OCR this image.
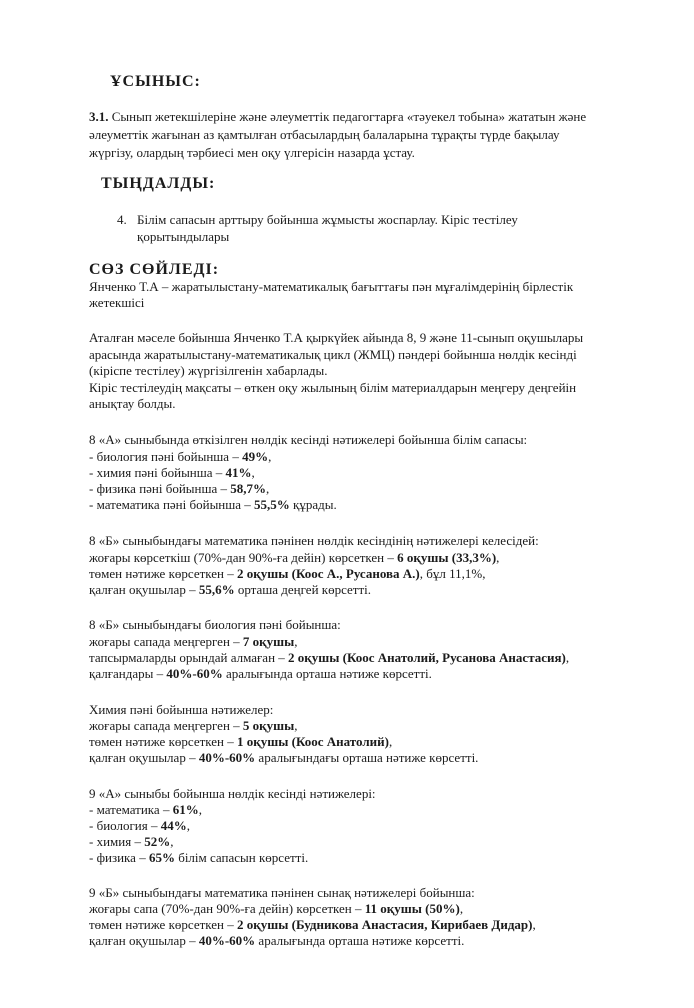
ҰСЫНЫС:
3.1. Сынып жетекшілеріне және әлеуметтік педагогтарға «тәуекел тобына» жататын және
әлеуметтік жағынан аз қамтылған отбасылардың балаларына тұрақты түрде бақылау
жүргізу, олардың тәрбиесі мен оқу үлгерісін назарда ұстау.
ТЫҢДАЛДЫ:
4. Білім сапасын арттыру бойынша жұмысты жоспарлау. Кіріс тестілеу
қорытындылары
СӨЗ СӨЙЛЕДІ:
Янченко Т.А – жаратылыстану-математикалық бағыттағы пән мұғалімдерінің бірлестік
жетекшісі
Аталған мәселе бойынша Янченко Т.А қыркүйек айында 8, 9 және 11-сынып оқушылары
арасында жаратылыстану-математикалық цикл (ЖМЦ) пәндері бойынша нөлдік кесінді
(кіріспе тестілеу) жүргізілгенін хабарлады.
Кіріс тестілеудің мақсаты – өткен оқу жылының білім материалдарын меңгеру деңгейін
анықтау болды.
8 «А» сыныбында өткізілген нөлдік кесінді нәтижелері бойынша білім сапасы:
- биология пәні бойынша – 49%,
- химия пәні бойынша – 41%,
- физика пәні бойынша – 58,7%,
- математика пәні бойынша – 55,5% құрады.
8 «Б» сыныбындағы математика пәнінен нөлдік кесіндінің нәтижелері келесідей:
жоғары көрсеткіш (70%-дан 90%-ға дейін) көрсеткен – 6 оқушы (33,3%),
төмен нәтиже көрсеткен – 2 оқушы (Коос А., Русанова А.), бұл 11,1%,
қалған оқушылар – 55,6% орташа деңгей көрсетті.
8 «Б» сыныбындағы биология пәні бойынша:
жоғары сапада меңгерген – 7 оқушы,
тапсырмаларды орындай алмаған – 2 оқушы (Коос Анатолий, Русанова Анастасия),
қалғандары – 40%-60% аралығында орташа нәтиже көрсетті.
Химия пәні бойынша нәтижелер:
жоғары сапада меңгерген – 5 оқушы,
төмен нәтиже көрсеткен – 1 оқушы (Коос Анатолий),
қалған оқушылар – 40%-60% аралығындағы орташа нәтиже көрсетті.
9 «А» сыныбы бойынша нөлдік кесінді нәтижелері:
- математика – 61%,
- биология – 44%,
- химия – 52%,
- физика – 65% білім сапасын көрсетті.
9 «Б» сыныбындағы математика пәнінен сынақ нәтижелері бойынша:
жоғары сапа (70%-дан 90%-ға дейін) көрсеткен – 11 оқушы (50%),
төмен нәтиже көрсеткен – 2 оқушы (Будникова Анастасия, Кирибаев Дидар),
қалған оқушылар – 40%-60% аралығында орташа нәтиже көрсетті.
